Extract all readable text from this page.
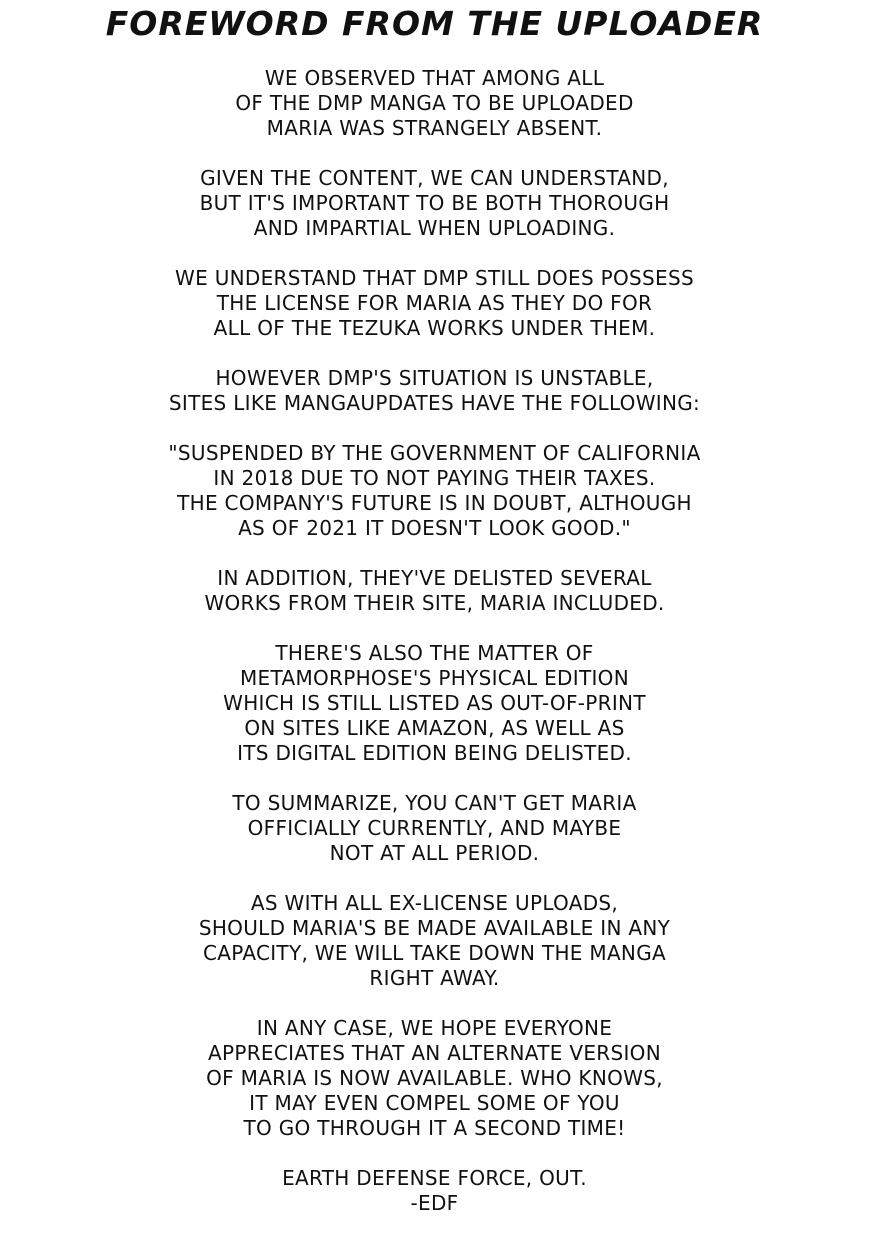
FOREWORD FROM THE UPLOADER
WE OBSERVED THAT AMONG ALL
OF THE DMP MANGA TO BE UPLOADED
MARIA WAS STRANGELY ABSENT.
GIVEN THE CONTENT, WE CAN UNDERSTAND,
BUT IT'S IMPORTANT TO BE BOTH THOROUGH
AND IMPARTIAL WHEN UPLOADING.
WE UNDERSTAND THAT DMP STILL DOES POSSESS
THE LICENSE FOR MARIA AS THEY DO FOR
ALL OF THE TEZUKA WORKS UNDER THEM.
HOWEVER DMP'S SITUATION IS UNSTABLE,
SITES LIKE MANGAUPDATES HAVE THE FOLLOWING:
"SUSPENDED BY THE GOVERNMENT OF CALIFORNIA
IN 2018 DUE TO NOT PAYING THEIR TAXES.
THE COMPANY'S FUTURE IS IN DOUBT, ALTHOUGH
AS OF 2021 IT DOESN'T LOOK GOOD."
IN ADDITION, THEY'VE DELISTED SEVERAL
WORKS FROM THEIR SITE, MARIA INCLUDED.
THERE'S ALSO THE MATTER OF
METAMORPHOSE'S PHYSICAL EDITION
WHICH IS STILL LISTED AS OUT-OF-PRINT
ON SITES LIKE AMAZON, AS WELL AS
ITS DIGITAL EDITION BEING DELISTED.
TO SUMMARIZE, YOU CAN'T GET MARIA
OFFICIALLY CURRENTLY, AND MAYBE
NOT AT ALL PERIOD.
AS WITH ALL EX-LICENSE UPLOADS,
SHOULD MARIA'S BE MADE AVAILABLE IN ANY
CAPACITY, WE WILL TAKE DOWN THE MANGA
RIGHT AWAY.
IN ANY CASE, WE HOPE EVERYONE
APPRECIATES THAT AN ALTERNATE VERSION
OF MARIA IS NOW AVAILABLE. WHO KNOWS,
IT MAY EVEN COMPEL SOME OF YOU
TO GO THROUGH IT A SECOND TIME!
EARTH DEFENSE FORCE, OUT.
-EDF
